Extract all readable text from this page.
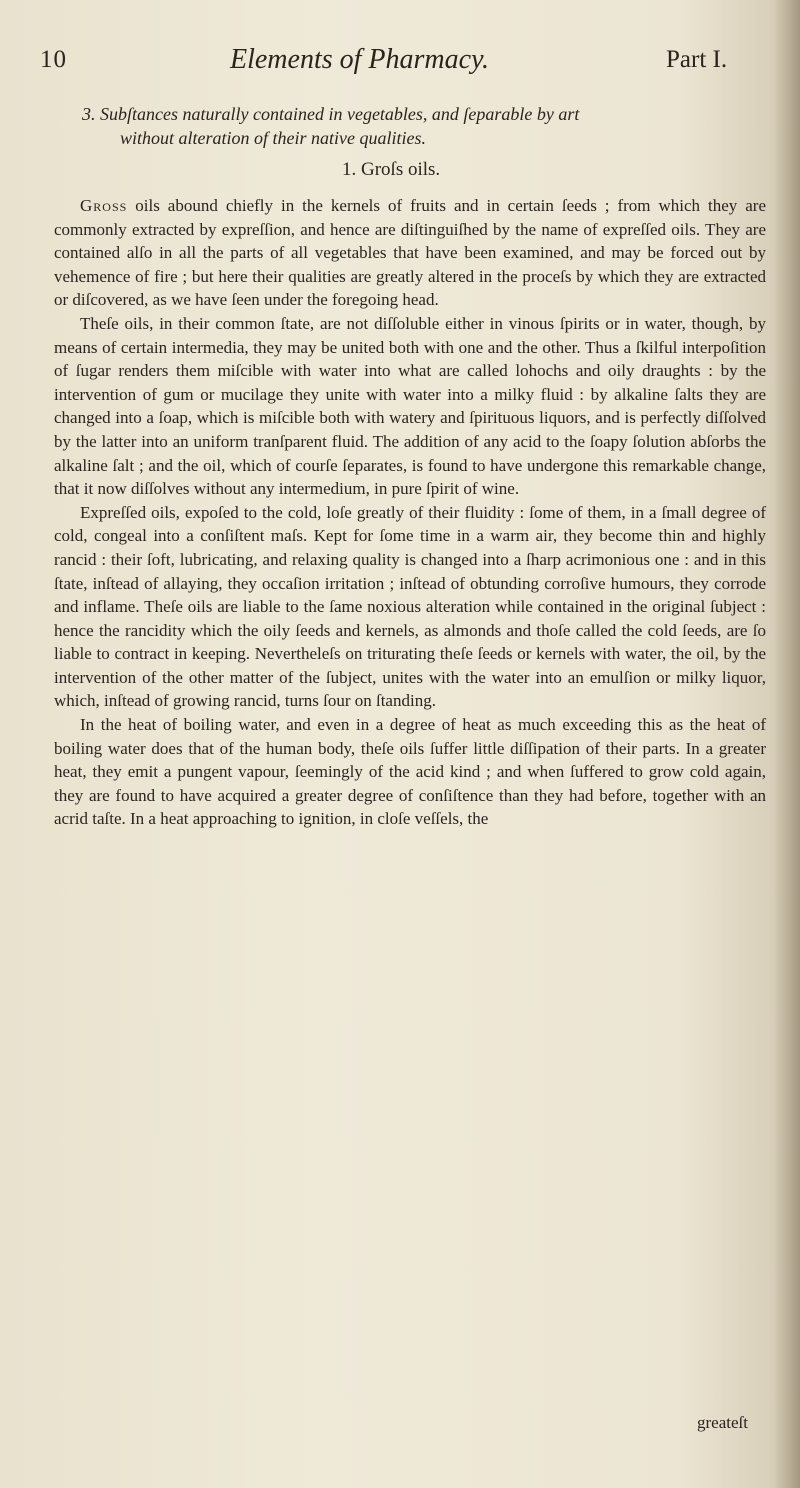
10	Elements of Pharmacy.	Part I.
3. Subſtances naturally contained in vegetables, and ſeparable by art
without alteration of their native qualities.
1. Groſs oils.

Gross oils abound chiefly in the kernels of fruits and in certain ſeeds ; from which they are commonly extracted by expreſſion, and hence are diſtinguiſhed by the name of expreſſed oils. They are contained alſo in all the parts of all vegetables that have been examined, and may be forced out by vehemence of fire ; but here their qualities are greatly altered in the proceſs by which they are extracted or diſcovered, as we have ſeen under the foregoing head.

Theſe oils, in their common ſtate, are not diſſoluble either in vinous ſpirits or in water, though, by means of certain intermedia, they may be united both with one and the other. Thus a ſkilful interpoſition of ſugar renders them miſcible with water into what are called lohochs and oily draughts : by the intervention of gum or mucilage they unite with water into a milky fluid : by alkaline ſalts they are changed into a ſoap, which is miſcible both with watery and ſpirituous liquors, and is perfectly diſſolved by the latter into an uniform tranſparent fluid. The addition of any acid to the ſoapy ſolution abſorbs the alkaline ſalt ; and the oil, which of courſe ſeparates, is found to have undergone this remarkable change, that it now diſſolves without any intermedium, in pure ſpirit of wine.

Expreſſed oils, expoſed to the cold, loſe greatly of their fluidity : ſome of them, in a ſmall degree of cold, congeal into a conſiſtent maſs. Kept for ſome time in a warm air, they become thin and highly rancid : their ſoft, lubricating, and relaxing quality is changed into a ſharp acrimonious one : and in this ſtate, inſtead of allaying, they occaſion irritation ; inſtead of obtunding corroſive humours, they corrode and inflame. Theſe oils are liable to the ſame noxious alteration while contained in the original ſubject : hence the rancidity which the oily ſeeds and kernels, as almonds and thoſe called the cold ſeeds, are ſo liable to contract in keeping. Neverthelеſs on triturating theſe ſeeds or kernels with water, the oil, by the intervention of the other matter of the ſubject, unites with the water into an emulſion or milky liquor, which, inſtead of growing rancid, turns ſour on ſtanding.

In the heat of boiling water, and even in a degree of heat as much exceeding this as the heat of boiling water does that of the human body, theſe oils ſuffer little diſſipation of their parts. In a greater heat, they emit a pungent vapour, ſeemingly of the acid kind ; and when ſuffered to grow cold again, they are found to have acquired a greater degree of conſiſtence than they had before, together with an acrid taſte. In a heat approaching to ignition, in cloſe veſſels, the

greateſt
